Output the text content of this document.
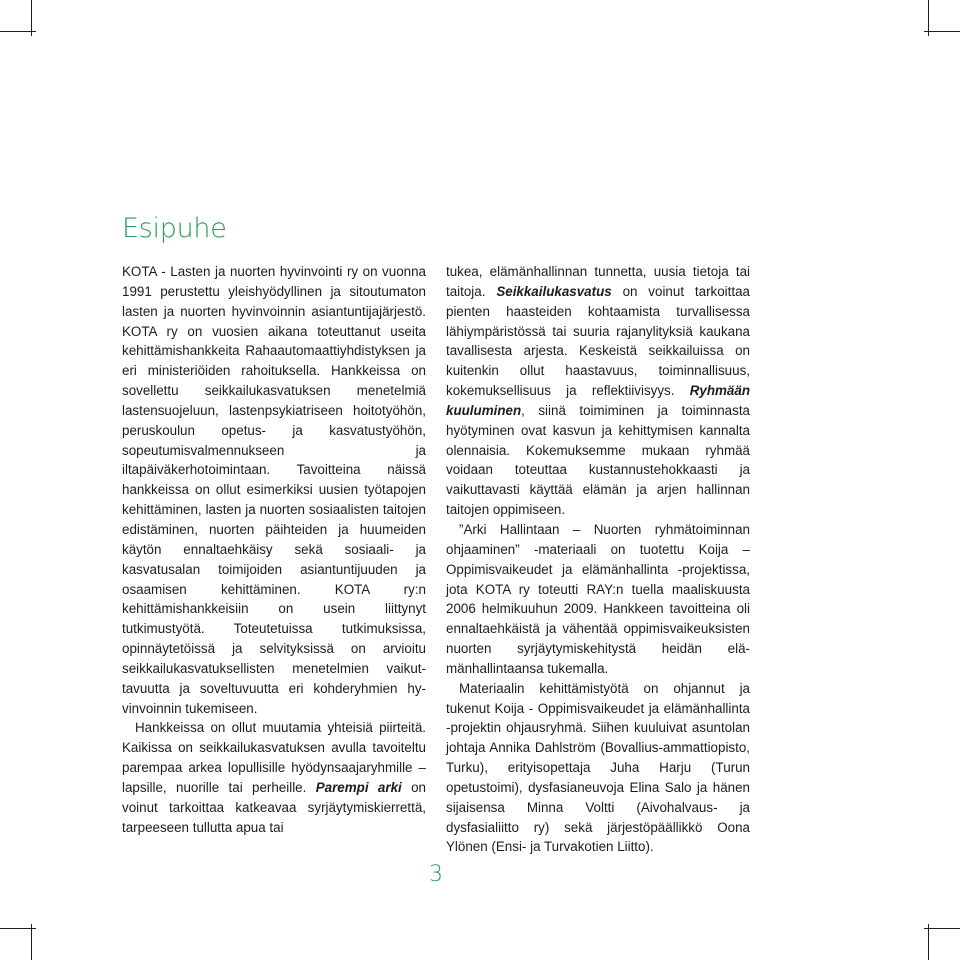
Esipuhe

KOTA - Lasten ja nuorten hyvinvointi ry on vuonna 1991 perustettu yleishyödyllinen ja sitoutumaton lasten ja nuorten hyvinvoinnin asiantuntijajärjestö. KOTA ry on vuosien aikana toteuttanut useita kehittämishankkeita Rahaautomaattiyhdistyksen ja eri ministeriöiden rahoituksella. Hankkeissa on sovellettu seikkailukasvatuksen menetelmiä lastensuojeluun, lastenpsykiatriseen hoitotyöhön, peruskoulun opetus- ja kasvatustyöhön, sopeutumisvalmennukseen ja iltapäiväkerhotoimintaan. Tavoitteina näissä hankkeissa on ollut esimerkiksi uusien työtapojen kehittäminen, lasten ja nuorten sosiaalisten taitojen edistäminen, nuorten päihteiden ja huumeiden käytön ennaltaehkäisy sekä sosiaali- ja kasvatusalan toimijoiden asiantuntijuuden ja osaamisen kehittäminen. KOTA ry:n kehittämishankkeisiin on usein liittynyt tutkimustyötä. Toteutetuissa tutkimuksissa, opinnäytetöissä ja selvityksissä on arvioitu seikkailukasvatuksellisten menetelmien vaikuttavuutta ja soveltuvuutta eri kohderyhmien hyvinvoinnin tukemiseen.

Hankkeissa on ollut muutamia yhteisiä piirteitä. Kaikissa on seikkailukasvatuksen avulla tavoiteltu parempaa arkea lopullisille hyödynsaajaryhmille – lapsille, nuorille tai perheille. Parempi arki on voinut tarkoittaa katkeavaa syrjäytymiskierrettä, tarpeeseen tullutta apua tai

tukea, elämänhallinnan tunnetta, uusia tietoja tai taitoja. Seikkailukasvatus on voinut tarkoittaa pienten haasteiden kohtaamista turvallisessa lähiympäristössä tai suuria rajanylityksiä kaukana tavallisesta arjesta. Keskeistä seikkailuissa on kuitenkin ollut haastavuus, toiminnallisuus, kokemuksellisuus ja reflektiivisyys. Ryhmään kuuluminen, siinä toimiminen ja toiminnasta hyötyminen ovat kasvun ja kehittymisen kannalta olennaisia. Kokemuksemme mukaan ryhmää voidaan toteuttaa kustannustehokkaasti ja vaikuttavasti käyttää elämän ja arjen hallinnan taitojen oppimiseen.

”Arki Hallintaan – Nuorten ryhmätoiminnan ohjaaminen” -materiaali on tuotettu Koija – Oppimisvaikeudet ja elämänhallinta -projektissa, jota KOTA ry toteutti RAY:n tuella maaliskuusta 2006 helmikuuhun 2009. Hankkeen tavoitteina oli ennaltaehkäistä ja vähentää oppimisvaikeuksisten nuorten syrjäytymiskehitystä heidän elämänhallintaansa tukemalla.

Materiaalin kehittämistyötä on ohjannut ja tukenut Koija - Oppimisvaikeudet ja elämänhallinta -projektin ohjausryhmä. Siihen kuuluivat asuntolan johtaja Annika Dahlström (Bovallius-ammattiopisto, Turku), erityisopettaja Juha Harju (Turun opetustoimi), dysfasianeuvoja Elina Salo ja hänen sijaisensa Minna Voltti (Aivohalvaus- ja dysfasialiitto ry) sekä järjestöpäällikkö Oona Ylönen (Ensi- ja Turvakotien Liitto).

3
